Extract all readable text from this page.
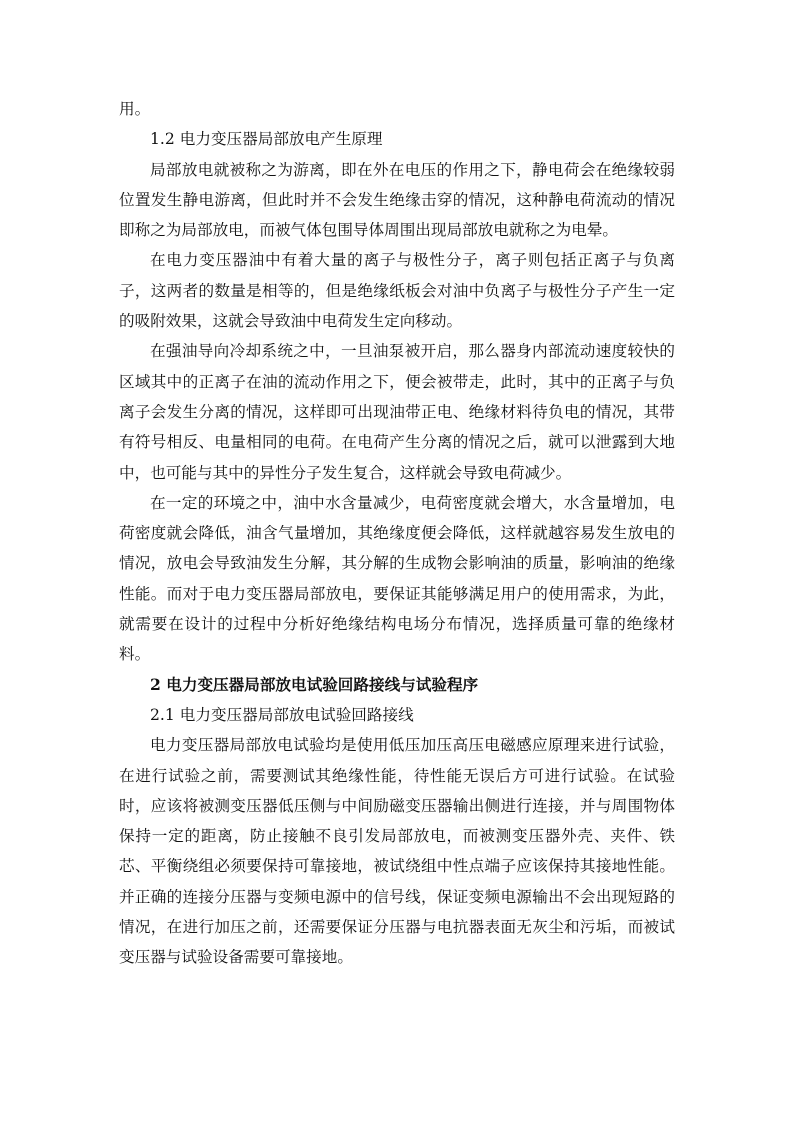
用。

1.2 电力变压器局部放电产生原理

局部放电就被称之为游离，即在外在电压的作用之下，静电荷会在绝缘较弱位置发生静电游离，但此时并不会发生绝缘击穿的情况，这种静电荷流动的情况即称之为局部放电，而被气体包围导体周围出现局部放电就称之为电晕。

在电力变压器油中有着大量的离子与极性分子，离子则包括正离子与负离子，这两者的数量是相等的，但是绝缘纸板会对油中负离子与极性分子产生一定的吸附效果，这就会导致油中电荷发生定向移动。

在强油导向冷却系统之中，一旦油泵被开启，那么器身内部流动速度较快的区域其中的正离子在油的流动作用之下，便会被带走，此时，其中的正离子与负离子会发生分离的情况，这样即可出现油带正电、绝缘材料待负电的情况，其带有符号相反、电量相同的电荷。在电荷产生分离的情况之后，就可以泄露到大地中，也可能与其中的异性分子发生复合，这样就会导致电荷减少。

在一定的环境之中，油中水含量减少，电荷密度就会增大，水含量增加，电荷密度就会降低，油含气量增加，其绝缘度便会降低，这样就越容易发生放电的情况，放电会导致油发生分解，其分解的生成物会影响油的质量，影响油的绝缘性能。而对于电力变压器局部放电，要保证其能够满足用户的使用需求，为此，就需要在设计的过程中分析好绝缘结构电场分布情况，选择质量可靠的绝缘材料。

2 电力变压器局部放电试验回路接线与试验程序

2.1 电力变压器局部放电试验回路接线

电力变压器局部放电试验均是使用低压加压高压电磁感应原理来进行试验，在进行试验之前，需要测试其绝缘性能，待性能无误后方可进行试验。在试验时，应该将被测变压器低压侧与中间励磁变压器输出侧进行连接，并与周围物体保持一定的距离，防止接触不良引发局部放电，而被测变压器外壳、夹件、铁芯、平衡绕组必须要保持可靠接地，被试绕组中性点端子应该保持其接地性能。并正确的连接分压器与变频电源中的信号线，保证变频电源输出不会出现短路的情况，在进行加压之前，还需要保证分压器与电抗器表面无灰尘和污垢，而被试变压器与试验设备需要可靠接地。
